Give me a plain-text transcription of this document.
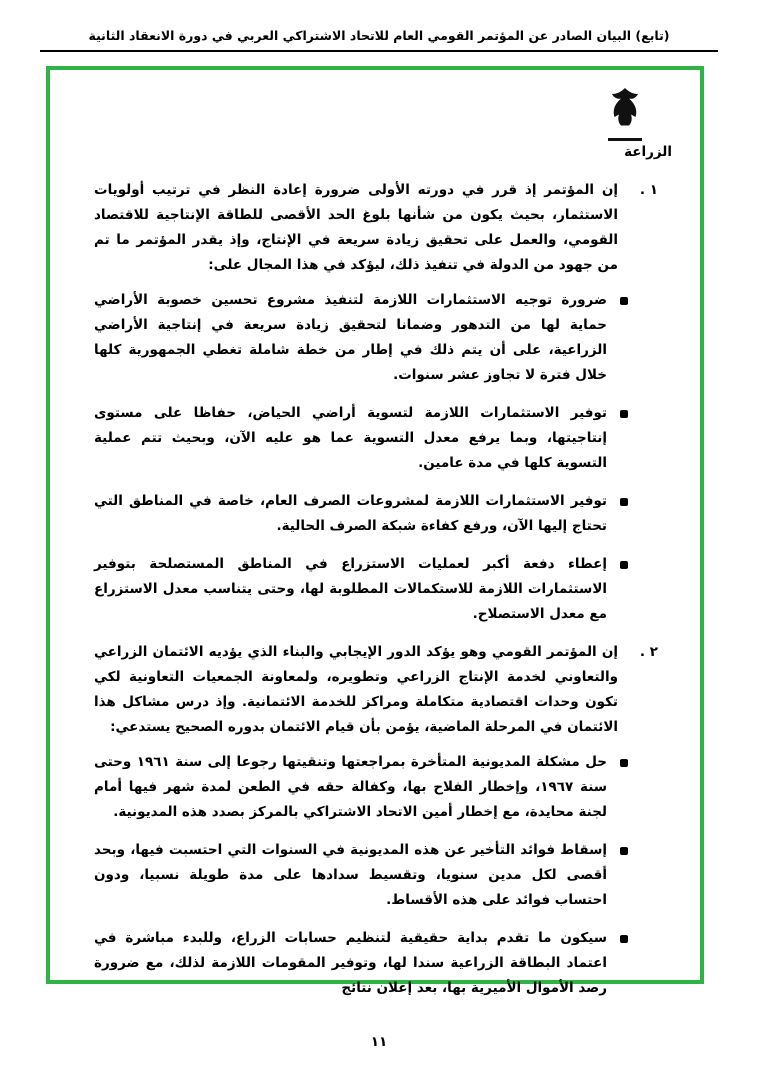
(تابع) البيان الصادر عن المؤتمر القومي العام للاتحاد الاشتراكي العربي في دورة الانعقاد الثانية
الزراعة
١ .
إن المؤتمر إذ قرر في دورته الأولى ضرورة إعادة النظر في ترتيب أولويات الاستثمار، بحيث يكون من شأنها بلوغ الحد الأقصى للطاقة الإنتاجية للاقتصاد القومي، والعمل على تحقيق زيادة سريعة في الإنتاج، وإذ يقدر المؤتمر ما تم من جهود من الدولة في تنفيذ ذلك، ليؤكد في هذا المجال على:
ضرورة توجيه الاستثمارات اللازمة لتنفيذ مشروع تحسين خصوبة الأراضي حماية لها من التدهور وضمانا لتحقيق زيادة سريعة في إنتاجية الأراضي الزراعية، على أن يتم ذلك في إطار من خطة شاملة تغطي الجمهورية كلها خلال فترة لا تجاوز عشر سنوات.
توفير الاستثمارات اللازمة لتسوية أراضي الحياض، حفاظا على مستوى إنتاجيتها، وبما يرفع معدل التسوية عما هو عليه الآن، وبحيث تتم عملية التسوية كلها في مدة عامين.
توفير الاستثمارات اللازمة لمشروعات الصرف العام، خاصة في المناطق التي تحتاج إليها الآن، ورفع كفاءة شبكة الصرف الحالية.
إعطاء دفعة أكبر لعمليات الاستزراع في المناطق المستصلحة بتوفير الاستثمارات اللازمة للاستكمالات المطلوبة لها، وحتى يتناسب معدل الاستزراع مع معدل الاستصلاح.
٢ .
إن المؤتمر القومي وهو يؤكد الدور الإيجابي والبناء الذي يؤديه الائتمان الزراعي والتعاوني لخدمة الإنتاج الزراعي وتطويره، ولمعاونة الجمعيات التعاونية لكي تكون وحدات اقتصادية متكاملة ومراكز للخدمة الائتمانية. وإذ درس مشاكل هذا الائتمان في المرحلة الماضية، يؤمن بأن قيام الائتمان بدوره الصحيح يستدعي:
حل مشكلة المديونية المتأخرة بمراجعتها وتنقيتها رجوعا إلى سنة ١٩٦١ وحتى سنة ١٩٦٧، وإخطار الفلاح بها، وكفالة حقه في الطعن لمدة شهر فيها أمام لجنة محايدة، مع إخطار أمين الاتحاد الاشتراكي بالمركز بصدد هذه المديونية.
إسقاط فوائد التأخير عن هذه المديونية في السنوات التي احتسبت فيها، وبحد أقصى لكل مدين سنويا، وتقسيط سدادها على مدة طويلة نسبيا، ودون احتساب فوائد على هذه الأقساط.
سيكون ما تقدم بداية حقيقية لتنظيم حسابات الزراع، وللبدء مباشرة في اعتماد البطاقة الزراعية سندا لها، وتوفير المقومات اللازمة لذلك، مع ضرورة رصد الأموال الأميرية بها، بعد إعلان نتائج
١١
